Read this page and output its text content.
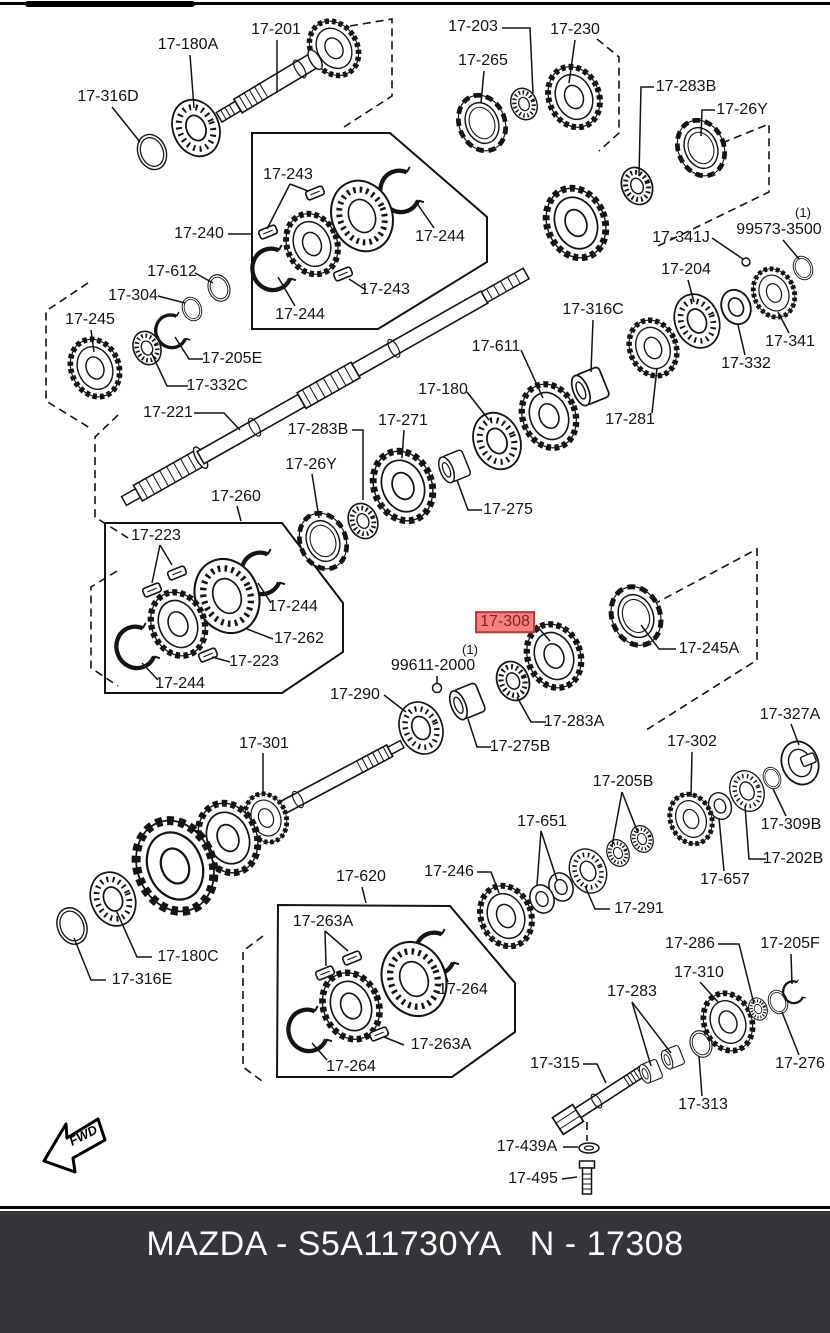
FWD
17-180A
17-201
17-316D
17-203	17-230
17-265
17-283B
17-26Y
(1)
99573-3500
17-341J
17-204
17-240
17-243
17-244
17-243
17-244
17-612
17-304
17-245
17-205E
17-332C
17-316C
17-611	17-341
17-332
17-180
17-271
17-283B
17-281
17-26Y
17-275
17-221
17-260
17-223
17-244
17-262
17-223
17-244
17-308
17-245A
(1)
99611-2000
17-290
17-283A
17-275B
17-327A
17-302
17-301
17-205B
17-651	17-309B
17-202B
17-246	17-657
17-620
17-291
17-263A
17-286	17-205F
17-180C
17-310
17-316E
17-264	17-283
17-263A
17-315	17-276
17-264
17-313
17-439A
17-495
MAZDA - S5A11730YA   N - 17308
